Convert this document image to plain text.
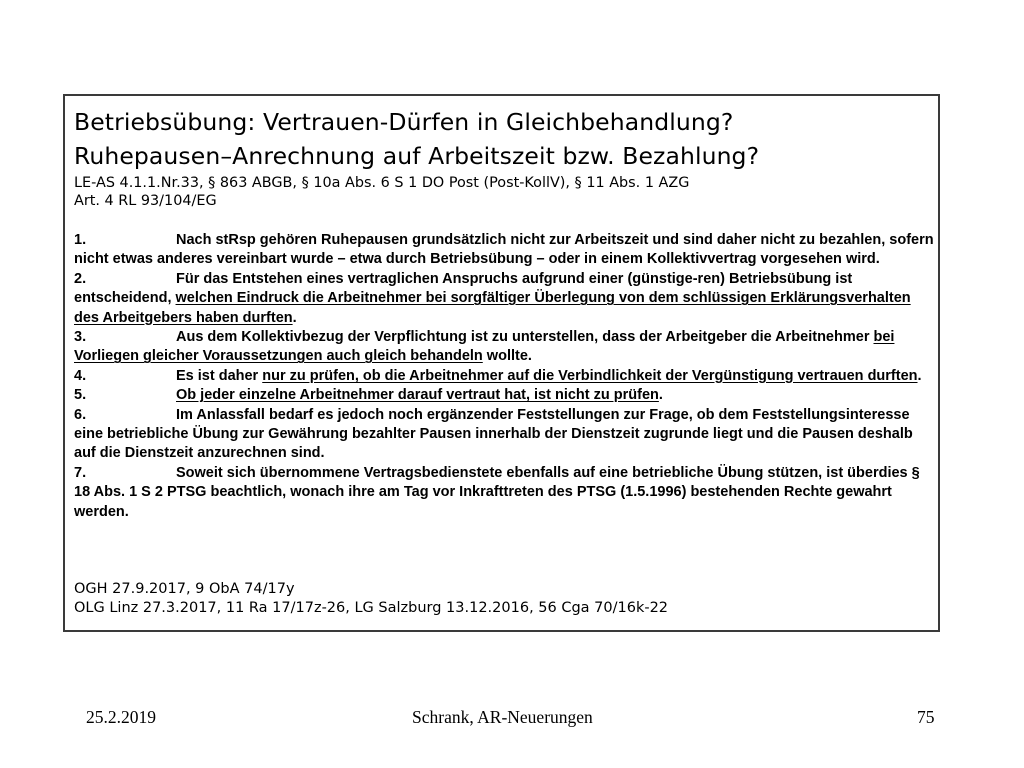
Betriebsübung: Vertrauen-Dürfen in Gleichbehandlung?
Ruhepausen–Anrechnung auf Arbeitszeit bzw. Bezahlung?
LE-AS 4.1.1.Nr.33, § 863 ABGB, § 10a Abs. 6 S 1 DO Post (Post-KollV), § 11 Abs. 1 AZG
Art. 4 RL 93/104/EG
1.	Nach stRsp gehören Ruhepausen grundsätzlich nicht zur Arbeitszeit und sind daher nicht zu bezahlen, sofern nicht etwas anderes vereinbart wurde – etwa durch Betriebsübung – oder in einem Kollektivvertrag vorgesehen wird.
2.	Für das Entstehen eines vertraglichen Anspruchs aufgrund einer (günstige-ren) Betriebsübung ist entscheidend, welchen Eindruck die Arbeitnehmer bei sorgfältiger Überlegung von dem schlüssigen Erklärungsverhalten des Arbeitgebers haben durften.
3.	Aus dem Kollektivbezug der Verpflichtung ist zu unterstellen, dass der Arbeitgeber die Arbeitnehmer bei Vorliegen gleicher Voraussetzungen auch gleich behandeln wollte.
4.	Es ist daher nur zu prüfen, ob die Arbeitnehmer auf die Verbindlichkeit der Vergünstigung vertrauen durften.
5.	Ob jeder einzelne Arbeitnehmer darauf vertraut hat, ist nicht zu prüfen.
6.	Im Anlassfall bedarf es jedoch noch ergänzender Feststellungen zur Frage, ob dem Feststellungsinteresse eine betriebliche Übung zur Gewährung bezahlter Pausen innerhalb der Dienstzeit zugrunde liegt und die Pausen deshalb auf die Dienstzeit anzurechnen sind.
7.	Soweit sich übernommene Vertragsbedienstete ebenfalls auf eine betriebliche Übung stützen, ist überdies § 18 Abs. 1 S 2 PTSG beachtlich, wonach ihre am Tag vor Inkrafttreten des PTSG (1.5.1996) bestehenden Rechte gewahrt werden.
OGH 27.9.2017, 9 ObA 74/17y
OLG Linz 27.3.2017, 11 Ra 17/17z-26, LG Salzburg 13.12.2016, 56 Cga 70/16k-22
25.2.2019	Schrank, AR-Neuerungen	75
